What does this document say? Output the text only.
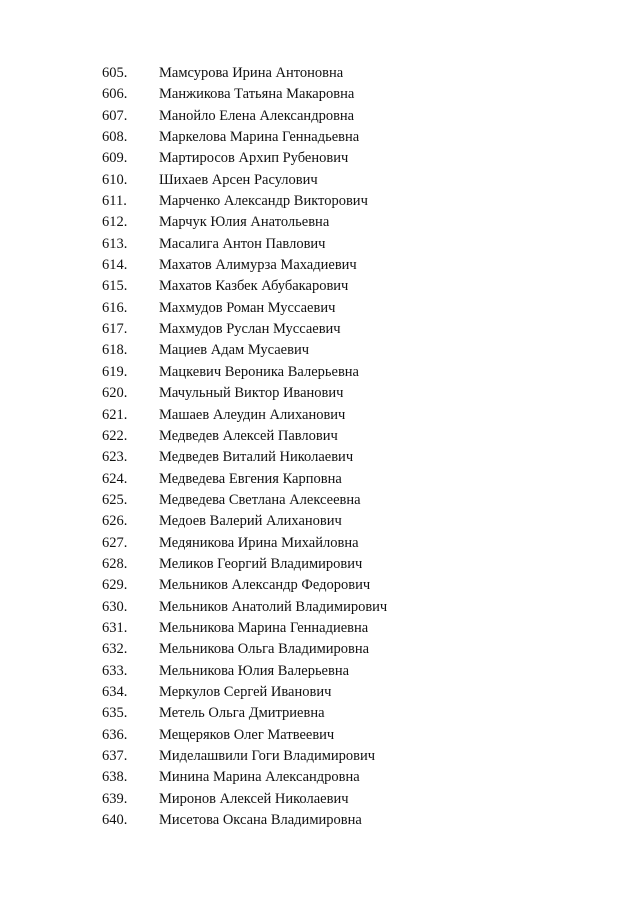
605. Мамсурова Ирина Антоновна
606. Манжикова Татьяна Макаровна
607. Манойло Елена Александровна
608. Маркелова Марина Геннадьевна
609. Мартиросов Архип Рубенович
610. Шихаев Арсен Расулович
611. Марченко Александр Викторович
612. Марчук Юлия Анатольевна
613. Масалига Антон Павлович
614. Махатов Алимурза Махадиевич
615. Махатов Казбек Абубакарович
616. Махмудов Роман Муссаевич
617. Махмудов Руслан Муссаевич
618. Мациев Адам Мусаевич
619. Мацкевич Вероника Валерьевна
620. Мачульный Виктор Иванович
621. Машаев Алеудин Алиханович
622. Медведев Алексей Павлович
623. Медведев Виталий Николаевич
624. Медведева Евгения Карповна
625. Медведева Светлана Алексеевна
626. Медоев Валерий Алиханович
627. Медяникова Ирина Михайловна
628. Меликов Георгий Владимирович
629. Мельников Александр Федорович
630. Мельников Анатолий Владимирович
631. Мельникова Марина Геннадиевна
632. Мельникова Ольга Владимировна
633. Мельникова Юлия Валерьевна
634. Меркулов Сергей Иванович
635. Метель Ольга Дмитриевна
636. Мещеряков Олег Матвеевич
637. Миделашвили Гоги Владимирович
638. Минина Марина Александровна
639. Миронов Алексей Николаевич
640. Мисетова Оксана Владимировна
